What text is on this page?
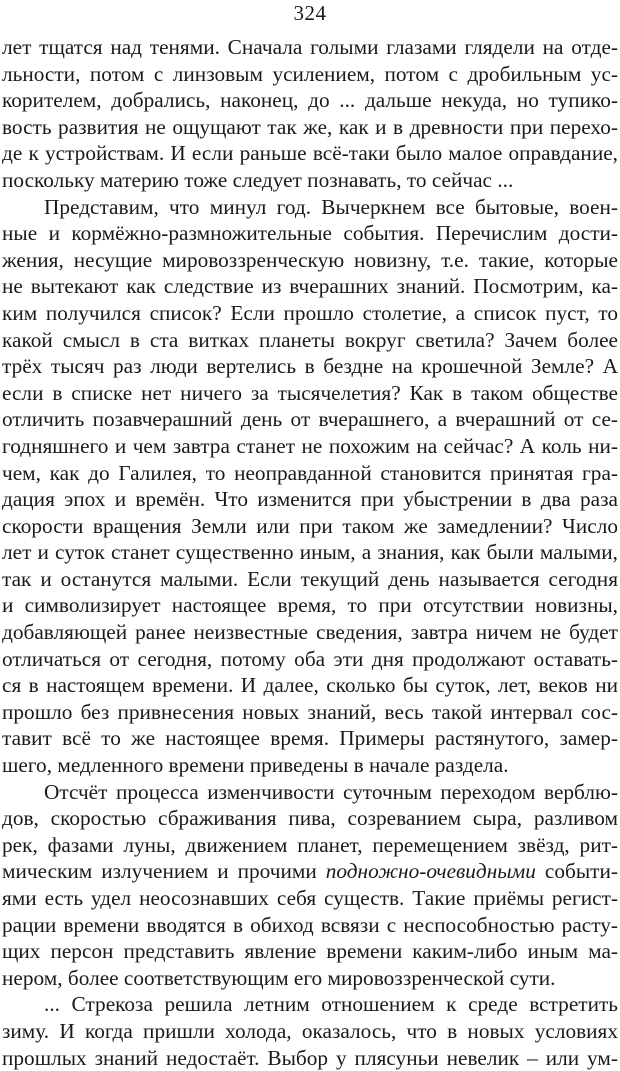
324
лет тщатся над тенями. Сначала голыми глазами глядели на отдe-
льности, потом с линзовым усилением, потом с дробильным ус-
корителем, добрались, наконец, до ... дальше некуда, но тупико-
вость развития не ощущают так же, как и в древности при перехо-
де к устройствам. И если раньше всё-таки было малое оправдание,
поскольку материю тоже следует познавать, то сейчас ...
Представим, что минул год. Вычеркнем все бытовые, воен-
ные и кормёжно-размножительные события. Перечислим дости-
жения, несущие мировоззренческую новизну, т.е. такие, которые
не вытекают как следствие из вчерашних знаний. Посмотрим, ка-
ким получился список? Если прошло столетие, а список пуст, то
какой смысл в ста витках планеты вокруг светила? Зачем более
трёх тысяч раз люди вертелись в бездне на крошечной Земле? А
если в списке нет ничего за тысячелетия? Как в таком обществе
отличить позавчерашний день от вчерашнего, а вчерашний от се-
годняшнего и чем завтра станет не похожим на сейчас? А коль ни-
чем, как до Галилея, то неоправданной становится принятая гра-
дация эпох и времён. Что изменится при убыстрении в два раза
скорости вращения Земли или при таком же замедлении? Число
лет и суток станет существенно иным, а знания, как были малыми,
так и останутся малыми. Если текущий день называется сегодня
и символизирует настоящее время, то при отсутствии новизны,
добавляющей ранее неизвестные сведения, завтра ничем не будет
отличаться от сегодня, потому оба эти дня продолжают оставать-
ся в настоящем времени. И далее, сколько бы суток, лет, веков ни
прошло без привнесения новых знаний, весь такой интервал сос-
тавит всё то же настоящее время. Примеры растянутого, замер-
шего, медленного времени приведены в начале раздела.
Отсчёт процесса изменчивости суточным переходом верблю-
дов, скоростью сбраживания пива, созреванием сыра, разливом
рек, фазами луны, движением планет, перемещением звёзд, рит-
мическим излучением и прочими подножно-очевидными событи-
ями есть удел неосознавших себя существ. Такие приёмы регист-
рации времени вводятся в обиход всвязи с неспособностью расту-
щих персон представить явление времени каким-либо иным ма-
нером, более соответствующим его мировоззренческой сути.
... Стрекоза решила летним отношением к среде встретить
зиму. И когда пришли холода, оказалось, что в новых условиях
прошлых знаний недостаёт. Выбор у плясуньи невелик – или ум-
